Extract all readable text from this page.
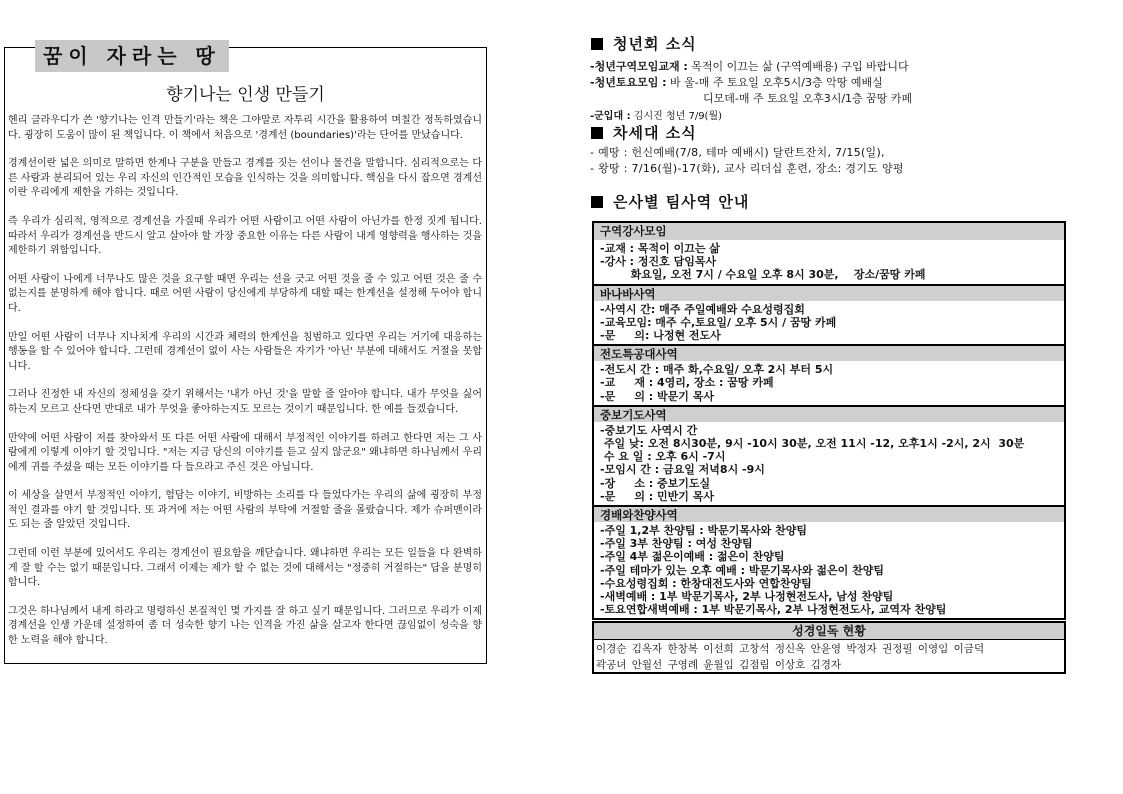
꿈이 자라는 땅
향기나는 인생 만들기

헨리 클라우디가 쓴 '향기나는 인격 만들기'라는 책은 그야말로 자투리 시간을 활용하여 며칠간 정독하였습니다. 굉장히 도움이 많이 된 책입니다. 이 책에서 처음으로 '경계선 (boundaries)'라는 단어를 만났습니다.

경계선이란 넓은 의미로 말하면 한계나 구분을 만들고 경계를 짓는 선이나 물건을 말합니다. 심리적으로는 다른 사람과 분리되어 있는 우리 자신의 인간적인 모습을 인식하는 것을 의미합니다. 핵심을 다시 잡으면 경계선이란 우리에게 제한을 가하는 것입니다.

즉 우리가 심리적, 영적으로 경계선을 가질때 우리가 어떤 사람이고 어떤 사람이 아닌가를 한정 짓게 됩니다. 따라서 우리가 경계선을 반드시 알고 살아야 할 가장 중요한 이유는 다른 사람이 내게 영향력을 행사하는 것을 제한하기 위함입니다.

어떤 사람이 나에게 너무나도 많은 것을 요구할 때면 우리는 선을 긋고 어떤 것을 줄 수 있고 어떤 것은 줄 수 없는지를 분명하게 해야 합니다. 때로 어떤 사람이 당신에게 부당하게 대할 때는 한계선을 설정해 두어야 합니다.

만일 어떤 사람이 너무나 지나치게 우리의 시간과 체력의 한계선을 침범하고 있다면 우리는 거기에 대응하는 행동을 할 수 있어야 합니다. 그런데 경계선이 없이 사는 사람들은 자기가 '아닌' 부분에 대해서도 거절을 못합니다.

그러나 진정한 내 자신의 정체성을 갖기 위해서는 '내가 아닌 것'을 말할 줄 알아야 합니다. 내가 무엇을 싫어하는지 모르고 산다면 반대로 내가 무엇을 좋아하는지도 모르는 것이기 때문입니다. 한 예를 들겠습니다.

만약에 어떤 사람이 저를 찾아와서 또 다른 어떤 사람에 대해서 부정적인 이야기를 하려고 한다면 저는 그 사람에게 이렇게 이야기 할 것입니다. "저는 지금 당신의 이야기를 듣고 싶지 않군요" 왜냐하면 하나님께서 우리에게 귀를 주셨을 때는 모든 이야기를 다 들으라고 주신 것은 아닙니다.

이 세상을 살면서 부정적인 이야기, 험담는 이야기, 비방하는 소리를 다 들었다가는 우리의 삶에 굉장히 부정적인 결과를 야기 할 것입니다. 또 과거에 저는 어떤 사람의 부탁에 거절할 줄을 몰랐습니다. 제가 슈퍼맨이라도 되는 줄 알았던 것입니다.

그런데 이런 부분에 있어서도 우리는 경계선이 필요함을 깨닫습니다. 왜냐하면 우리는 모든 일들을 다 완벽하게 잘 할 수는 없기 때문입니다. 그래서 이제는 제가 할 수 없는 것에 대해서는 "정중히 거절하는" 답을 분명히 합니다.

그것은 하나님께서 내게 하라고 명령하신 본질적인 몇 가지를 잘 하고 싶기 때문입니다. 그러므로 우리가 이제 경계선을 인생 가운데 설정하여 좀 더 성숙한 향기 나는 인격을 가진 삶을 살고자 한다면 끊임없이 성숙을 향한 노력을 해야 합니다.

청년회 소식
-청년구역모임교재 : 목적이 이끄는 삶 (구역예배용) 구입 바랍니다
-청년토요모임 : 바 울-매 주 토요일 오후5시/3층 악땅 예배실
디모데-매 주 토요일 오후3시/1층 꿈땅 카페
-군입대 : 김시진 청년 7/9(월)
차세대 소식
- 예땅 : 헌신예배(7/8, 테마 예배시) 달란트잔치, 7/15(일),
- 왕땅 : 7/16(월)-17(화), 교사 리더십 훈련, 장소: 경기도 양평
은사별 팀사역 안내
구역강사모임
-교재 : 목적이 이끄는 삶
-강사 : 정진호 담임목사
화요일, 오전 7시 / 수요일 오후 8시 30분,    장소/꿈땅 카페
바나바사역
-사역시 간: 매주 주일예배와 수요성령집회
-교육모임: 매주 수,토요일/ 오후 5시 / 꿈땅 카페
-문     의: 나정현 전도사
전도특공대사역
-전도시 간 : 매주 화,수요일/ 오후 2시 부터 5시
-교     재 : 4영리, 장소 : 꿈땅 카페
-문     의 : 박문기 목사
중보기도사역
-중보기도 사역시 간
주일 낮: 오전 8시30분, 9시 -10시 30분, 오전 11시 -12, 오후1시 -2시, 2시  30분
수 요 일 : 오후 6시 -7시
-모임시 간 : 금요일 저녁8시 -9시
-장     소 : 중보기도실
-문     의 : 민반기 목사
경배와찬양사역
-주일 1,2부 찬양팀 : 박문기목사와 찬양팀
-주일 3부 찬양팀 : 여성 찬양팀
-주일 4부 젊은이예배 : 젊은이 찬양팀
-주일 테마가 있는 오후 예배 : 박문기목사와 젊은이 찬양팀
-수요성령집회 : 한창대전도사와 연합찬양팀
-새벽예배 : 1부 박문기목사, 2부 나정현전도사, 남성 찬양팀
-토요연합새벽예배 : 1부 박문기목사, 2부 나정현전도사, 교역자 찬양팀
성경일독 현황
이경순 김옥자 한창복 이선희 고창석 정신옥 안윤영 박정자 권정필 이영임 이금덕
곽공녀 안월선 구영례 윤월임 김점림 이상호 김경자
